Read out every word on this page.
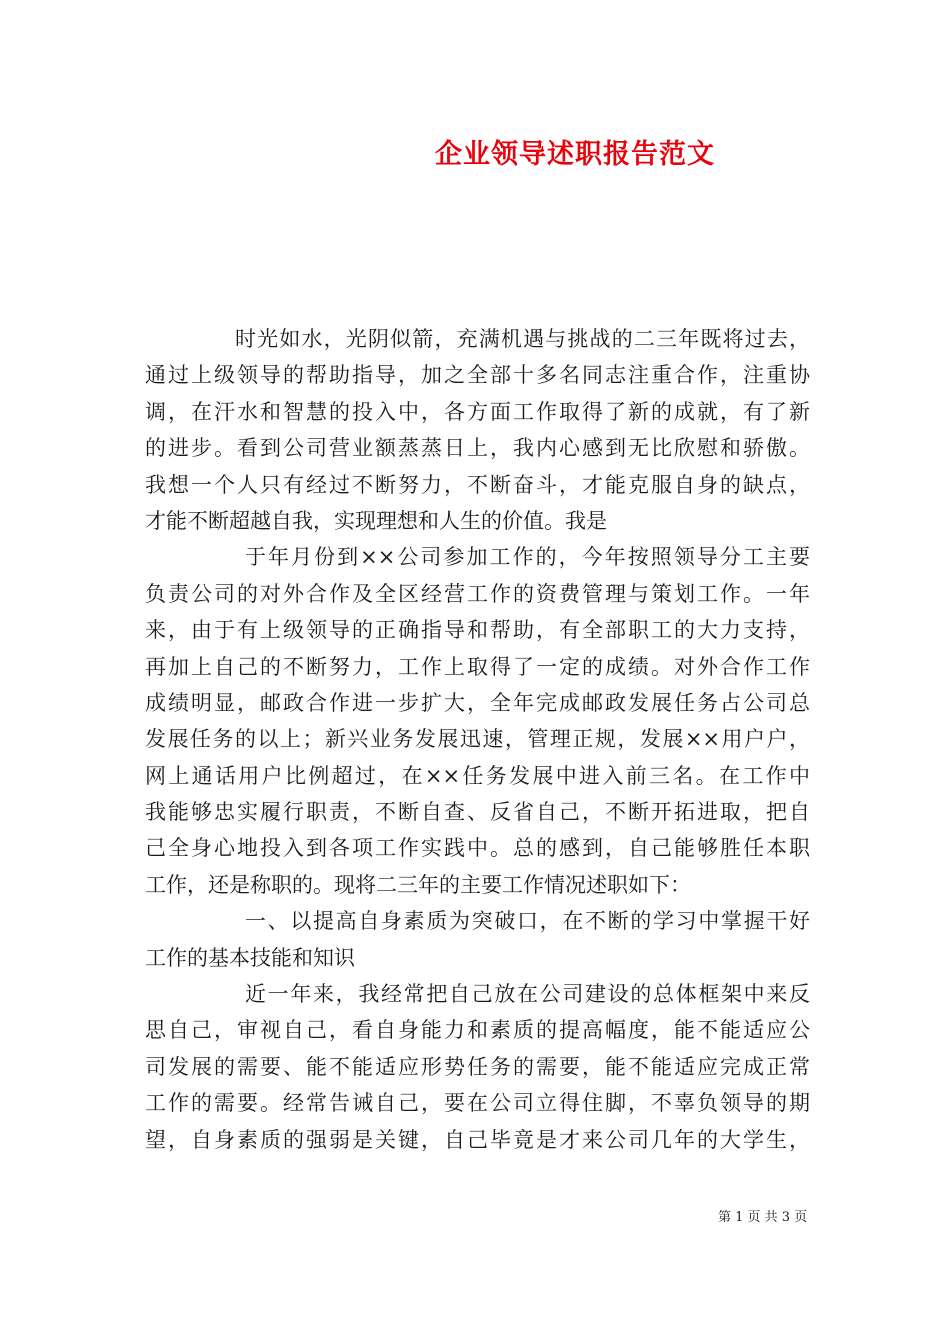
企业领导述职报告范文
时光如水，光阴似箭，充满机遇与挑战的二三年既将过去，
通过上级领导的帮助指导，加之全部十多名同志注重合作，注重协
调，在汗水和智慧的投入中，各方面工作取得了新的成就，有了新
的进步。看到公司营业额蒸蒸日上，我内心感到无比欣慰和骄傲。
我想一个人只有经过不断努力，不断奋斗，才能克服自身的缺点，
才能不断超越自我，实现理想和人生的价值。我是
于年月份到××公司参加工作的，今年按照领导分工主要
负责公司的对外合作及全区经营工作的资费管理与策划工作。一年
来，由于有上级领导的正确指导和帮助，有全部职工的大力支持，
再加上自己的不断努力，工作上取得了一定的成绩。对外合作工作
成绩明显，邮政合作进一步扩大，全年完成邮政发展任务占公司总
发展任务的以上；新兴业务发展迅速，管理正规，发展××用户户，
网上通话用户比例超过，在××任务发展中进入前三名。在工作中
我能够忠实履行职责，不断自查、反省自己，不断开拓进取，把自
己全身心地投入到各项工作实践中。总的感到，自己能够胜任本职
工作，还是称职的。现将二三年的主要工作情况述职如下：
一、以提高自身素质为突破口，在不断的学习中掌握干好
工作的基本技能和知识
近一年来，我经常把自己放在公司建设的总体框架中来反
思自己，审视自己，看自身能力和素质的提高幅度，能不能适应公
司发展的需要、能不能适应形势任务的需要，能不能适应完成正常
工作的需要。经常告诫自己，要在公司立得住脚，不辜负领导的期
望，自身素质的强弱是关键，自己毕竟是才来公司几年的大学生，
第 1 页 共 3 页
